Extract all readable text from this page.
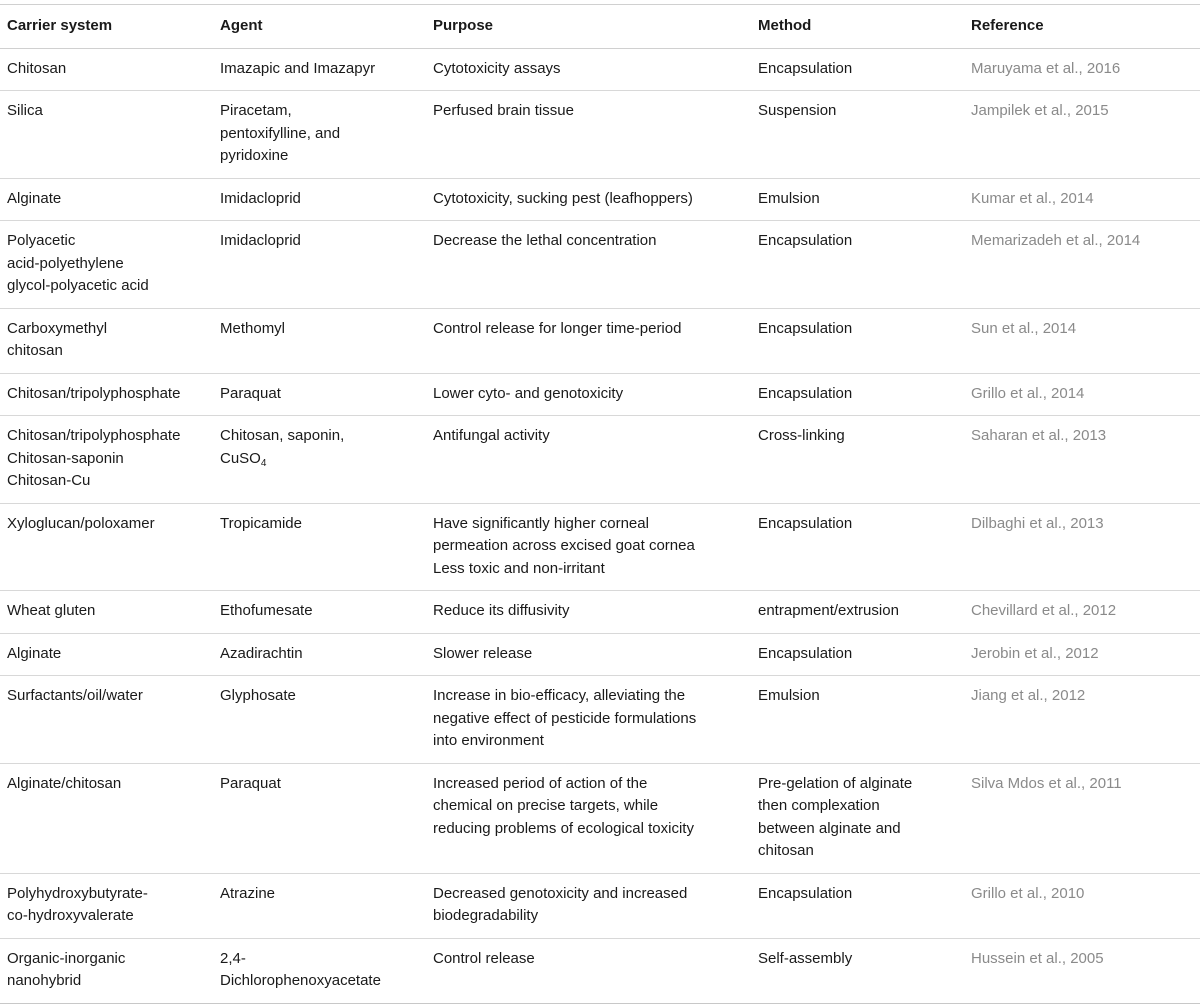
Carrier system	Agent	Purpose	Method	Reference

Chitosan	Imazapic and Imazapyr	Cytotoxicity assays	Encapsulation	Maruyama et al., 2016

Silica	Piracetam,
pentoxifylline, and
pyridoxine	Perfused brain tissue	Suspension	Jampilek et al., 2015

Alginate	Imidacloprid	Cytotoxicity, sucking pest (leafhoppers)	Emulsion	Kumar et al., 2014

Polyacetic
acid-polyethylene
glycol-polyacetic acid	Imidacloprid	Decrease the lethal concentration	Encapsulation	Memarizadeh et al., 2014

Carboxymethyl
chitosan	Methomyl	Control release for longer time-period	Encapsulation	Sun et al., 2014

Chitosan/tripolyphosphate	Paraquat	Lower cyto- and genotoxicity	Encapsulation	Grillo et al., 2014

Chitosan/tripolyphosphate
Chitosan-saponin
Chitosan-Cu	Chitosan, saponin,
CuSO$_4$	Antifungal activity	Cross-linking	Saharan et al., 2013

Xyloglucan/poloxamer	Tropicamide	Have significantly higher corneal
permeation across excised goat cornea
Less toxic and non-irritant	Encapsulation	Dilbaghi et al., 2013

Wheat gluten	Ethofumesate	Reduce its diffusivity	entrapment/extrusion	Chevillard et al., 2012

Alginate	Azadirachtin	Slower release	Encapsulation	Jerobin et al., 2012

Surfactants/oil/water	Glyphosate	Increase in bio-efficacy, alleviating the
negative effect of pesticide formulations
into environment	Emulsion	Jiang et al., 2012

Alginate/chitosan	Paraquat	Increased period of action of the
chemical on precise targets, while
reducing problems of ecological toxicity	Pre-gelation of alginate
then complexation
between alginate and
chitosan	Silva Mdos et al., 2011

Polyhydroxybutyrate-
co-hydroxyvalerate	Atrazine	Decreased genotoxicity and increased
biodegradability	Encapsulation	Grillo et al., 2010

Organic-inorganic
nanohybrid	2,4-
Dichlorophenoxyacetate	Control release	Self-assembly	Hussein et al., 2005
